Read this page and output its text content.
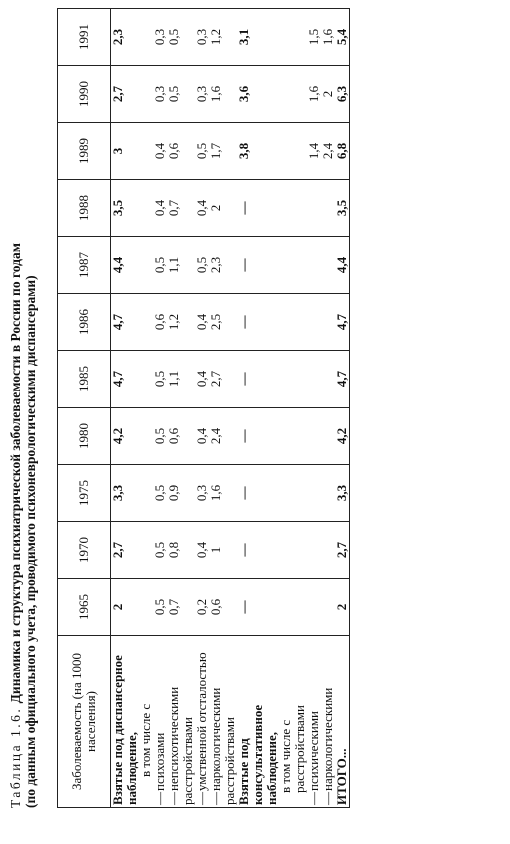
Таблица 1.6. Динамика и структура психиатрической заболеваемости в России по годам (по данным официального учета, проводимого психоневрологическими диспансерами) Заболеваемость (на 1000 населения)	1965	1970	1975	1980	1985	1986	1987	1988	1989	1990	1991
Взятые под диспансерное наблюдение,	2	2,7	3,3	4,2	4,7	4,7	4,4	3,5	3	2,7	2,3
в том числе с											
—психозами	0,5	0,5	0,5	0,5	0,5	0,6	0,5	0,4	0,4	0,3	0,3
—непсихотическими расстройствами	0,7	0,8	0,9	0,6	1,1	1,2	1,1	0,7	0,6	0,5	0,5
—умственной отсталостью	0,2	0,4	0,3	0,4	0,4	0,4	0,5	0,4	0,5	0,3	0,3
—наркологическими расстройствами	0,6	1	1,6	2,4	2,7	2,5	2,3	2	1,7	1,6	1,2
Взятые под консультативное наблюдение,	—	—	—	—	—	—	—	—	3,8	3,6	3,1
в том числе с расстройствами											
—психическими									1,4	1,6	1,5
—наркологическими									2,4	2	1,6
ИТОГО...	2	2,7	3,3	4,2	4,7	4,7	4,4	3,5	6,8	6,3	5,4
